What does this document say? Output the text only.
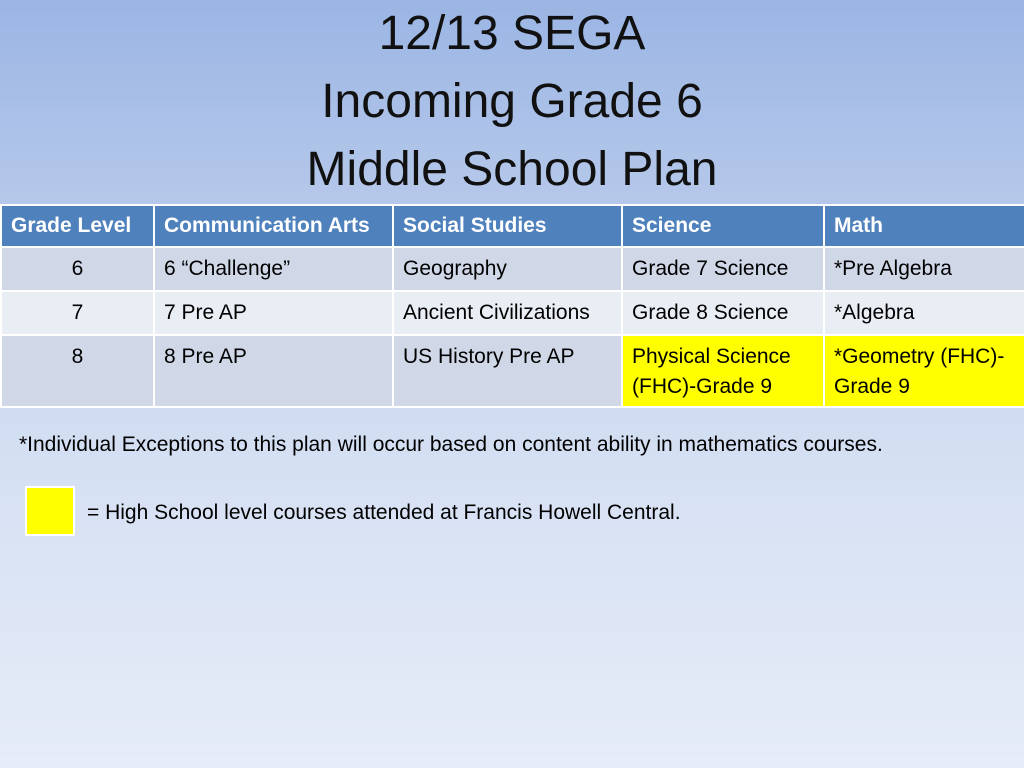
12/13 SEGA
Incoming Grade 6
Middle School Plan
Grade Level	Communication Arts	Social Studies	Science	Math
6	6 “Challenge”	Geography	Grade 7 Science	*Pre Algebra
7	7 Pre AP	Ancient Civilizations	Grade 8 Science	*Algebra
8	8 Pre AP	US History Pre AP	Physical Science (FHC)-Grade 9	*Geometry (FHC)-Grade 9
*Individual Exceptions to this plan will occur based on content ability in mathematics courses.
= High School level courses attended at Francis Howell Central.
